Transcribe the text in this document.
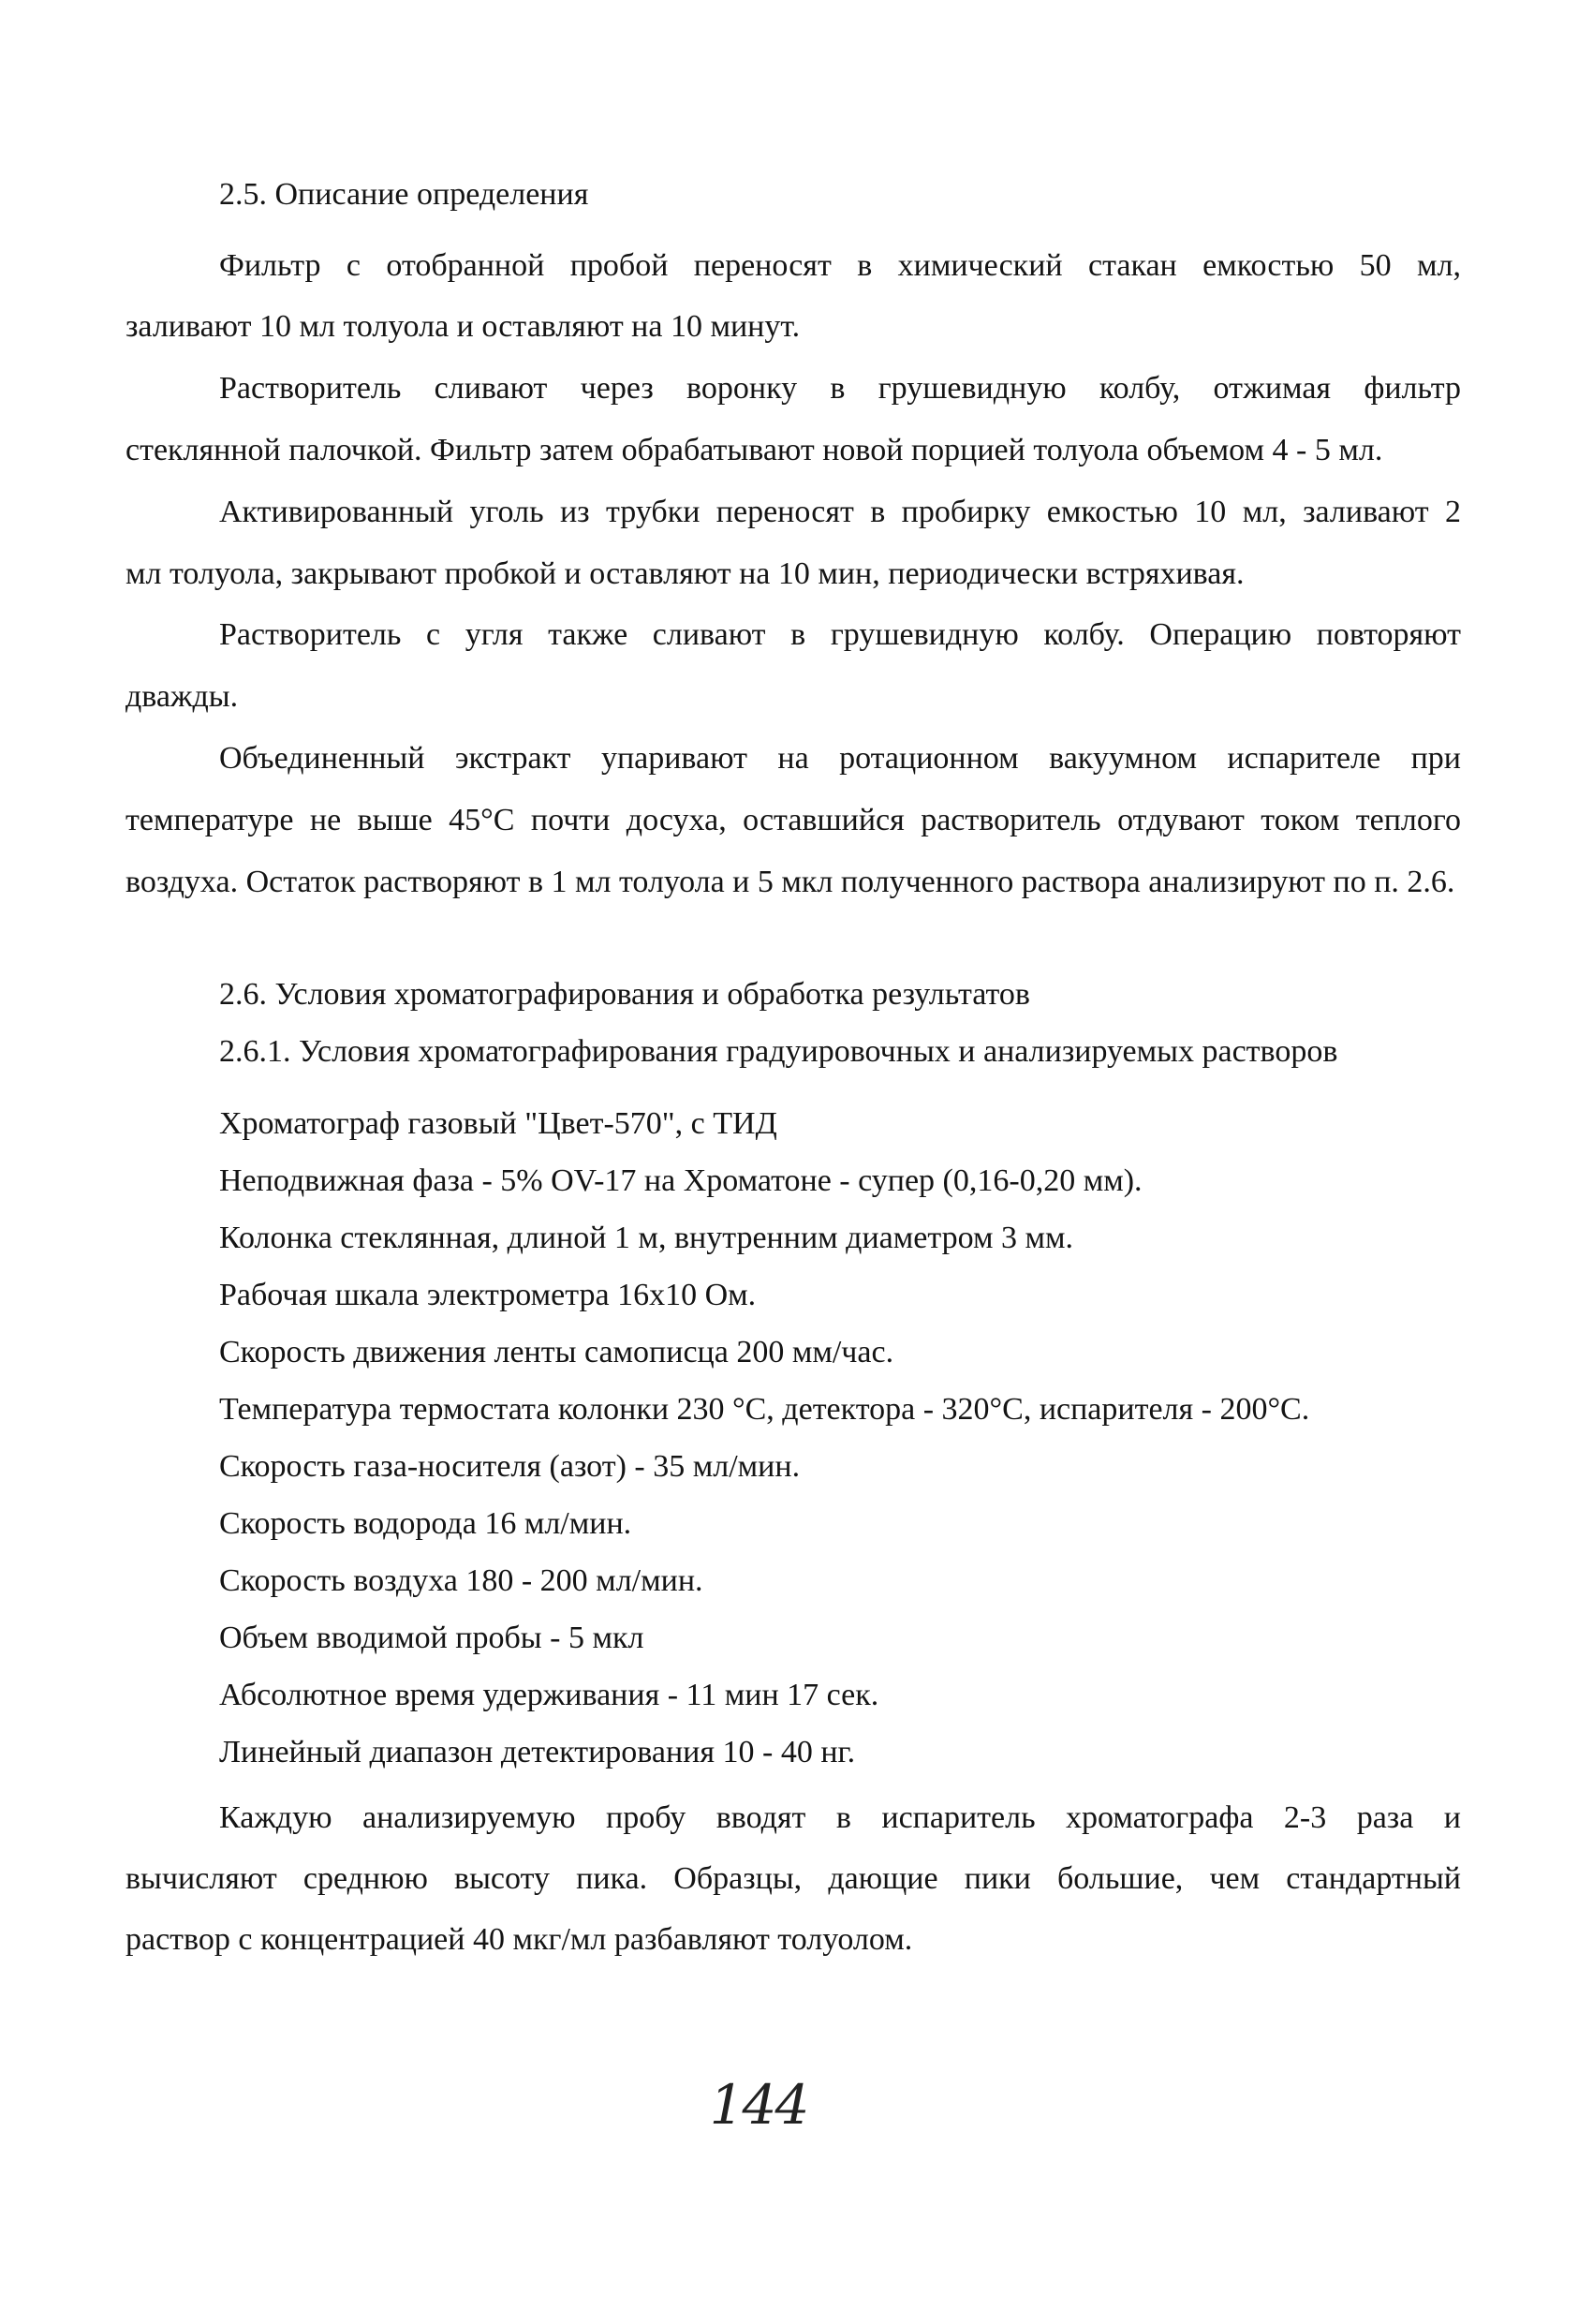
2.5. Описание определения
Фильтр с отобранной пробой переносят в химический стакан емкостью 50 мл,
заливают 10 мл толуола и оставляют на 10 минут.
Растворитель сливают через воронку в грушевидную колбу, отжимая фильтр
стеклянной палочкой. Фильтр затем обрабатывают новой порцией толуола объемом 4 - 5 мл.
Активированный уголь из трубки переносят в пробирку емкостью 10 мл, заливают 2
мл толуола, закрывают пробкой и оставляют на 10 мин, периодически встряхивая.
Растворитель с угля также сливают в грушевидную колбу. Операцию повторяют
дважды.
Объединенный экстракт упаривают на ротационном вакуумном испарителе при
температуре не выше 45°С почти досуха, оставшийся растворитель отдувают током теплого
воздуха. Остаток растворяют в 1 мл толуола и 5 мкл полученного раствора анализируют по п. 2.6.
2.6. Условия хроматографирования и обработка результатов
2.6.1. Условия хроматографирования градуировочных и анализируемых растворов
Хроматограф газовый "Цвет-570", с ТИД
Неподвижная фаза - 5% OV-17 на Хроматоне - супер (0,16-0,20 мм).
Колонка стеклянная, длиной 1 м, внутренним диаметром 3 мм.
Рабочая шкала электрометра 16х10 Ом.
Скорость движения ленты самописца 200 мм/час.
Температура термостата колонки 230 °С, детектора - 320°С, испарителя - 200°С.
Скорость газа-носителя (азот) - 35 мл/мин.
Скорость водорода 16 мл/мин.
Скорость воздуха 180 - 200 мл/мин.
Объем вводимой пробы - 5 мкл
Абсолютное время удерживания - 11 мин 17 сек.
Линейный диапазон детектирования 10 - 40 нг.
Каждую анализируемую пробу вводят в испаритель хроматографа 2-3 раза и
вычисляют среднюю высоту пика. Образцы, дающие пики большие, чем стандартный
раствор с концентрацией 40 мкг/мл разбавляют толуолом.
144
